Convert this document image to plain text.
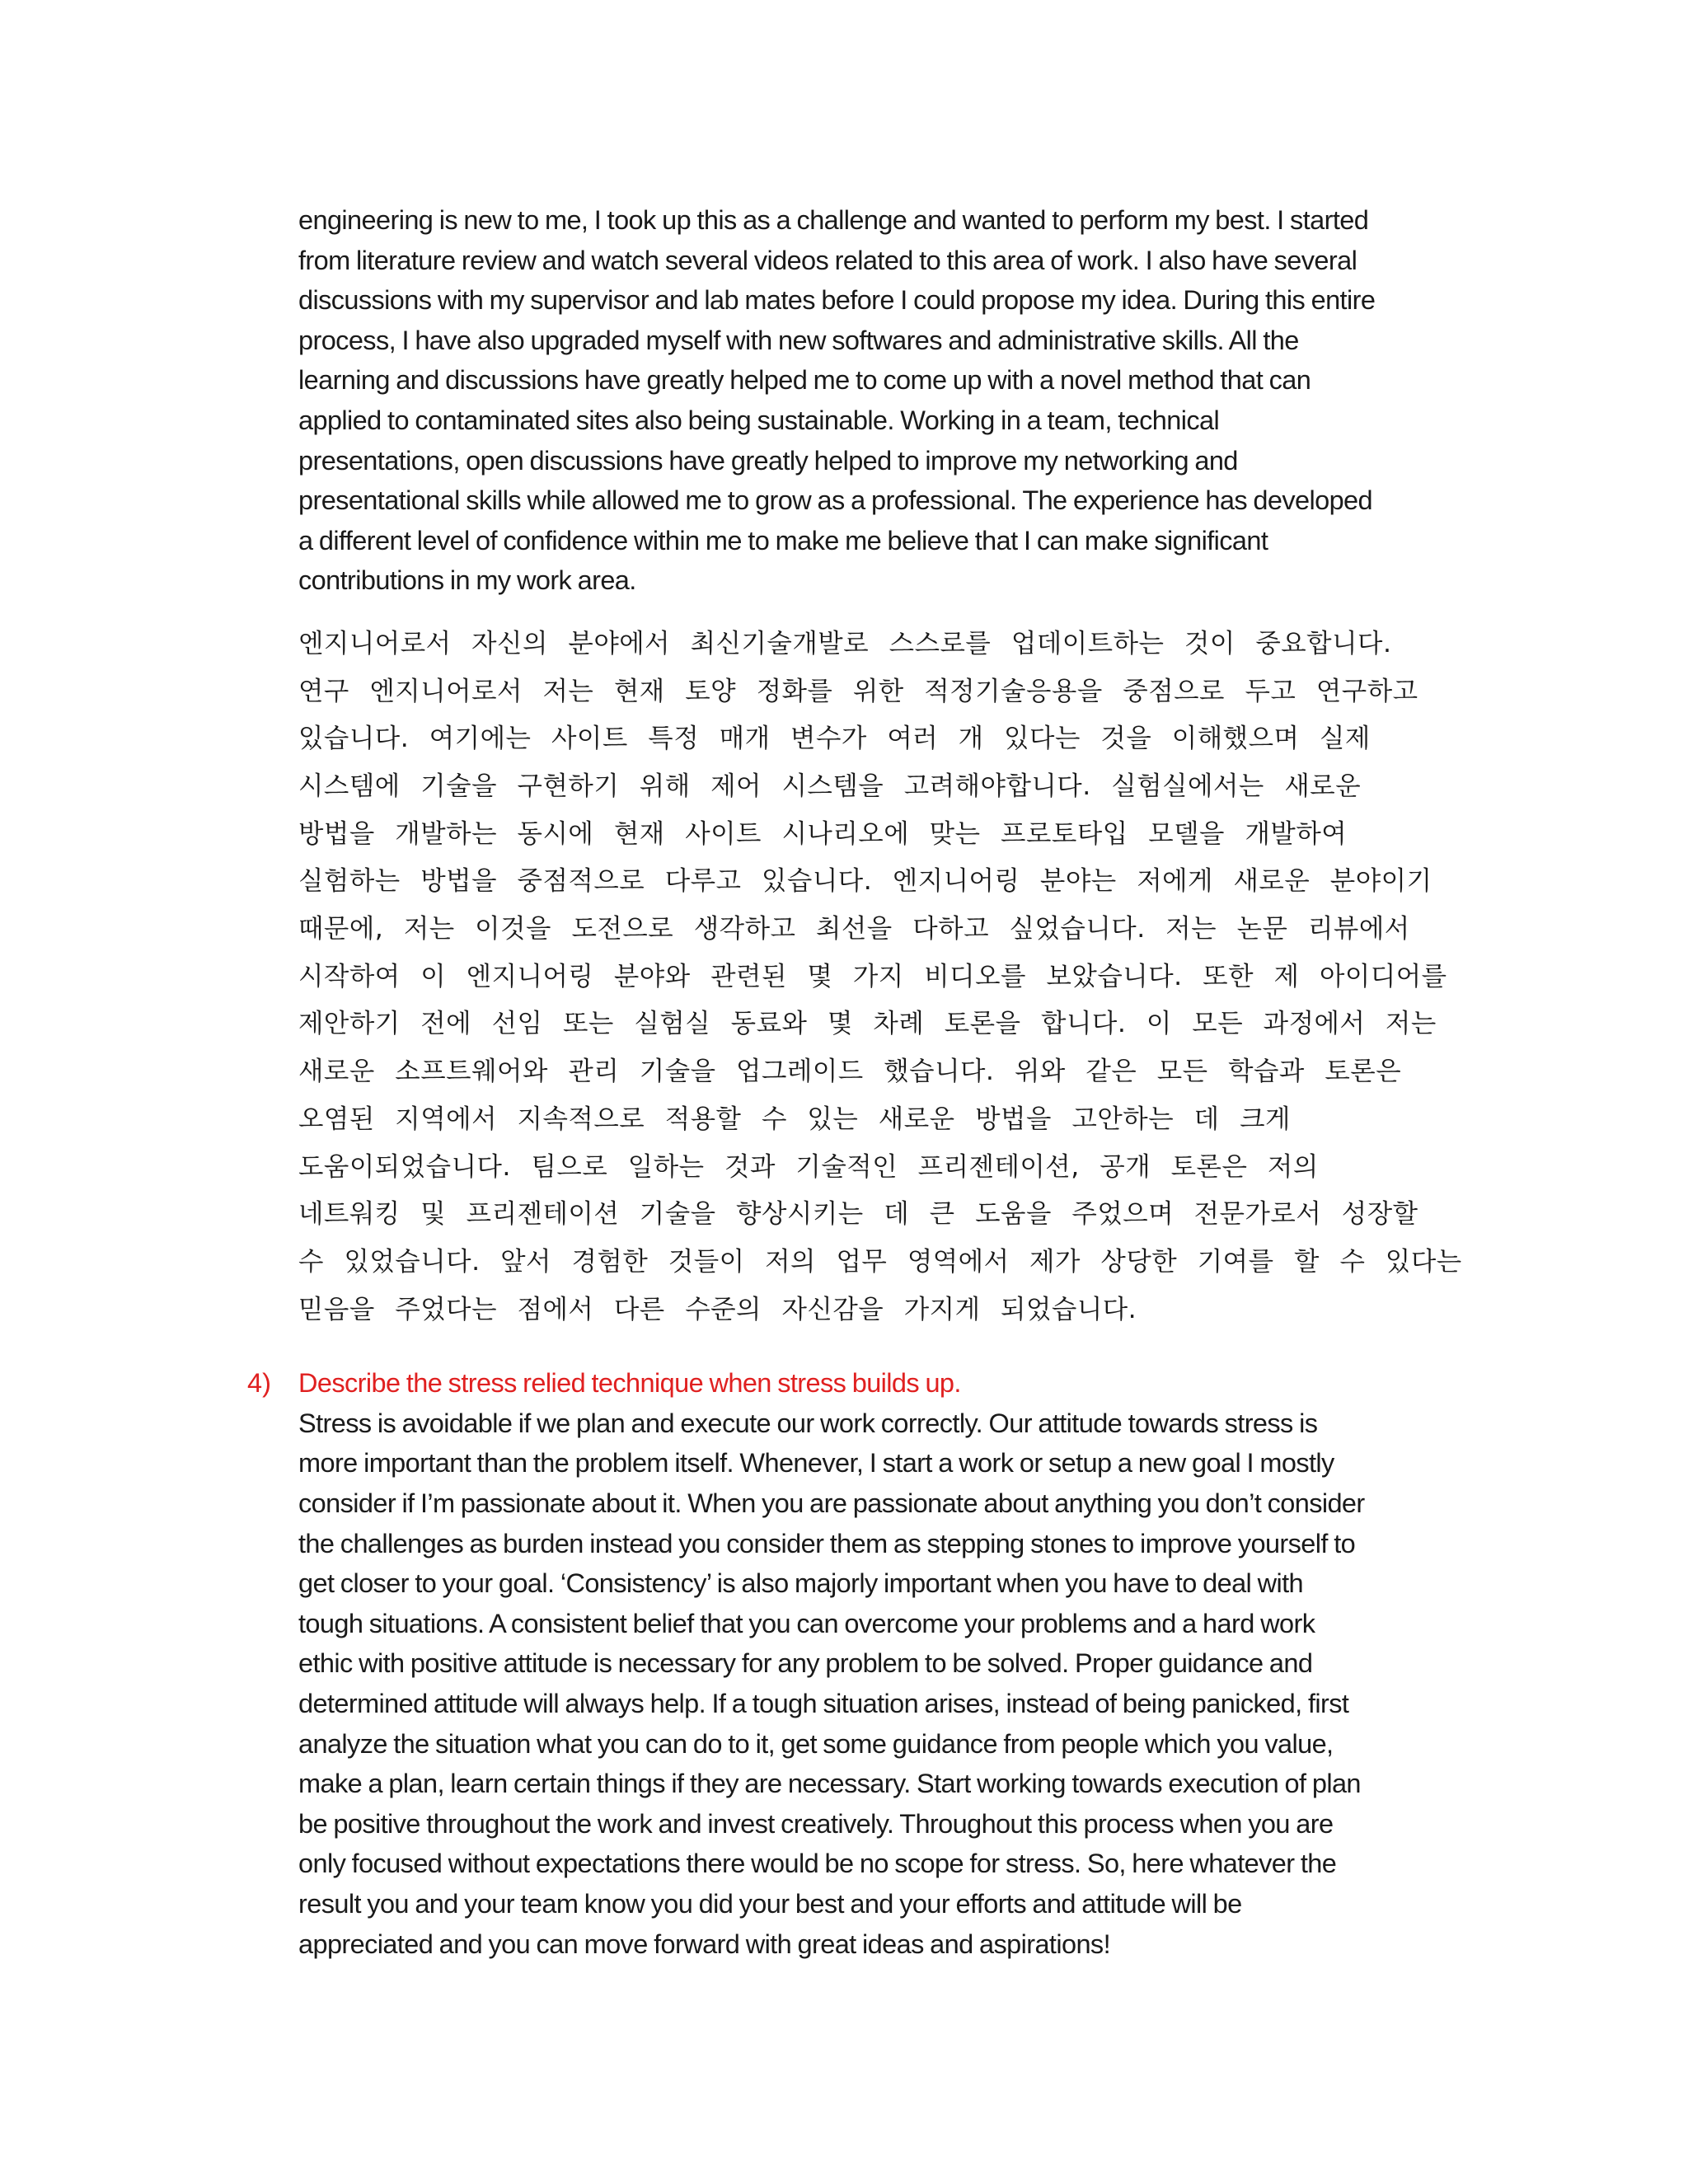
engineering is new to me, I took up this as a challenge and wanted to perform my best. I started
from literature review and watch several videos related to this area of work. I also have several
discussions with my supervisor and lab mates before I could propose my idea. During this entire
process, I have also upgraded myself with new softwares and administrative skills. All the
learning and discussions have greatly helped me to come up with a novel method that can
applied to contaminated sites also being sustainable. Working in a team, technical
presentations, open discussions have greatly helped to improve my networking and
presentational skills while allowed me to grow as a professional. The experience has developed
a different level of confidence within me to make me believe that I can make significant
contributions in my work area.
엔지니어로서 자신의 분야에서 최신기술개발로 스스로를 업데이트하는 것이 중요합니다.
연구 엔지니어로서 저는 현재 토양 정화를 위한 적정기술응용을 중점으로 두고 연구하고
있습니다. 여기에는 사이트 특정 매개 변수가 여러 개 있다는 것을 이해했으며 실제
시스템에 기술을 구현하기 위해 제어 시스템을 고려해야합니다. 실험실에서는 새로운
방법을 개발하는 동시에 현재 사이트 시나리오에 맞는 프로토타입 모델을 개발하여
실험하는 방법을 중점적으로 다루고 있습니다. 엔지니어링 분야는 저에게 새로운 분야이기
때문에, 저는 이것을 도전으로 생각하고 최선을 다하고 싶었습니다. 저는 논문 리뷰에서
시작하여 이 엔지니어링 분야와 관련된 몇 가지 비디오를 보았습니다. 또한 제 아이디어를
제안하기 전에 선임 또는 실험실 동료와 몇 차례 토론을 합니다. 이 모든 과정에서 저는
새로운 소프트웨어와 관리 기술을 업그레이드 했습니다. 위와 같은 모든 학습과 토론은
오염된 지역에서 지속적으로 적용할 수 있는 새로운 방법을 고안하는 데 크게
도움이되었습니다. 팀으로 일하는 것과 기술적인 프리젠테이션, 공개 토론은 저의
네트워킹 및 프리젠테이션 기술을 향상시키는 데 큰 도움을 주었으며 전문가로서 성장할
수 있었습니다. 앞서 경험한 것들이 저의 업무 영역에서 제가 상당한 기여를 할 수 있다는
믿음을 주었다는 점에서 다른 수준의 자신감을 가지게 되었습니다.
4) Describe the stress relied technique when stress builds up.
Stress is avoidable if we plan and execute our work correctly. Our attitude towards stress is
more important than the problem itself. Whenever, I start a work or setup a new goal I mostly
consider if I’m passionate about it. When you are passionate about anything you don’t consider
the challenges as burden instead you consider them as stepping stones to improve yourself to
get closer to your goal. ‘Consistency’ is also majorly important when you have to deal with
tough situations. A consistent belief that you can overcome your problems and a hard work
ethic with positive attitude is necessary for any problem to be solved. Proper guidance and
determined attitude will always help. If a tough situation arises, instead of being panicked, first
analyze the situation what you can do to it, get some guidance from people which you value,
make a plan, learn certain things if they are necessary. Start working towards execution of plan
be positive throughout the work and invest creatively. Throughout this process when you are
only focused without expectations there would be no scope for stress. So, here whatever the
result you and your team know you did your best and your efforts and attitude will be
appreciated and you can move forward with great ideas and aspirations!
